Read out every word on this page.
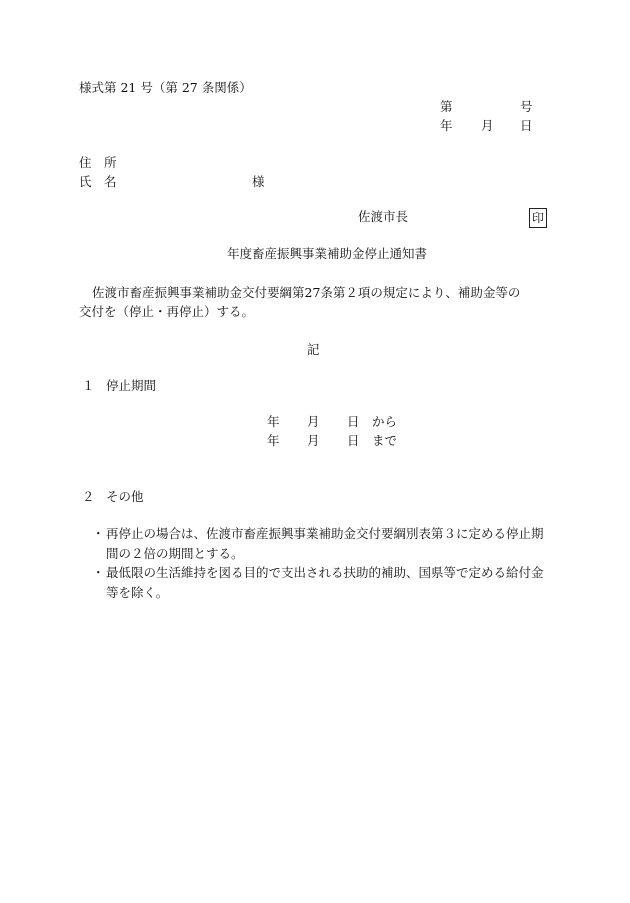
様式第 21 号（第 27 条関係）
第	号
年 月 日
住　所
氏　名	様
佐渡市長	印
年度畜産振興事業補助金停止通知書
佐渡市畜産振興事業補助金交付要綱第27条第２項の規定により、補助金等の
交付を（停止・再停止）する。
記
１ 停止期間
年 月 日 から
年 月 日 まで
２ その他
・ 再停止の場合は、佐渡市畜産振興事業補助金交付要綱別表第３に定める停止期間の２倍の期間とする。
・ 最低限の生活維持を図る目的で支出される扶助的補助、国県等で定める給付金等を除く。
